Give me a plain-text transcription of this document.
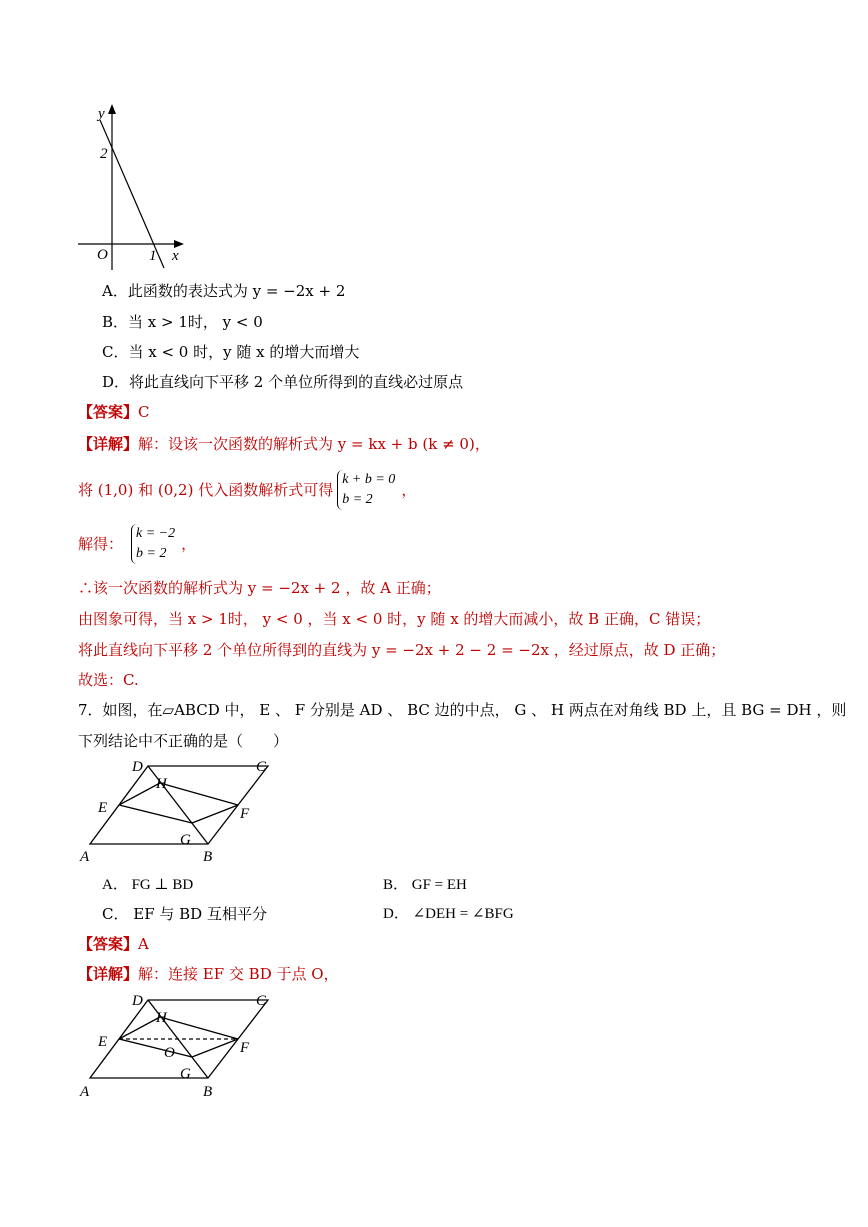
y
x
O
2
1
A．此函数的表达式为 y = −2x + 2
B．当 x > 1时， y < 0
C．当 x < 0 时，y 随 x 的增大而增大
D．将此直线向下平移 2 个单位所得到的直线必过原点
【答案】C
【详解】解：设该一次函数的解析式为 y = kx + b (k ≠ 0)，
将 (1,0) 和 (0,2) 代入函数解析式可得
k + b = 0
b = 2
，
解得：
k = −2
b = 2
，
∴该一次函数的解析式为 y = −2x + 2 ，故 A 正确；
由图象可得，当 x > 1时， y < 0 ，当 x < 0 时，y 随 x 的增大而减小，故 B 正确，C 错误；
将此直线向下平移 2 个单位所得到的直线为 y = −2x + 2 − 2 = −2x ，经过原点，故 D 正确；
故选：C.
7．如图，在▱ABCD 中， E 、 F 分别是 AD 、 BC 边的中点， G 、 H 两点在对角线 BD 上，且 BG = DH ，则
下列结论中不正确的是（　　）
D	C
H
E	F
G
A	B
A． FG ⊥ BD	B． GF = EH
C． EF 与 BD 互相平分	D． ∠DEH = ∠BFG
【答案】A
【详解】解：连接 EF 交 BD 于点 O，
D	C
H
E
O	F
G
A	B
